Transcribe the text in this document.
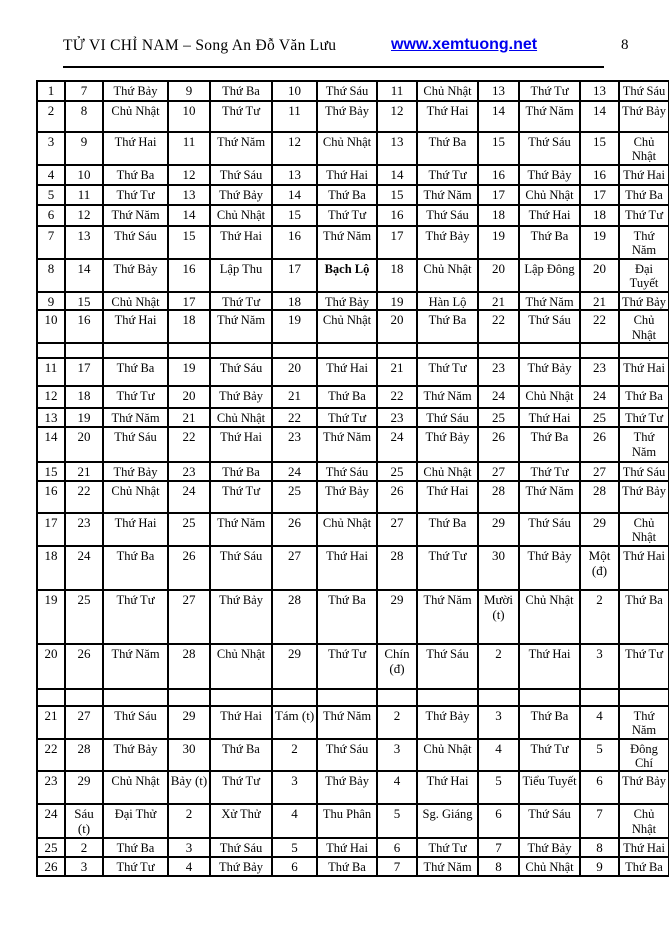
TỬ VI CHỈ NAM – Song An Đỗ Văn Lưu	www.xemtuong.net	8
1	7	Thứ Bảy	9	Thứ Ba	10	Thứ Sáu	11	Chủ Nhật	13	Thứ Tư	13	Thứ Sáu
2	8	Chủ Nhật	10	Thứ Tư	11	Thứ Bảy	12	Thứ Hai	14	Thứ Năm	14	Thứ Bảy
3	9	Thứ Hai	11	Thứ Năm	12	Chủ Nhật	13	Thứ Ba	15	Thứ Sáu	15	Chủ Nhật
4	10	Thứ Ba	12	Thứ Sáu	13	Thứ Hai	14	Thứ Tư	16	Thứ Bảy	16	Thứ Hai
5	11	Thứ Tư	13	Thứ Bảy	14	Thứ Ba	15	Thứ Năm	17	Chủ Nhật	17	Thứ Ba
6	12	Thứ Năm	14	Chủ Nhật	15	Thứ Tư	16	Thứ Sáu	18	Thứ Hai	18	Thứ Tư
7	13	Thứ Sáu	15	Thứ Hai	16	Thứ Năm	17	Thứ Bảy	19	Thứ Ba	19	Thứ Năm
8	14	Thứ Bảy	16	Lập Thu	17	Bạch Lộ	18	Chủ Nhật	20	Lập Đông	20	Đại Tuyết
9	15	Chủ Nhật	17	Thứ Tư	18	Thứ Bảy	19	Hàn Lộ	21	Thứ Năm	21	Thứ Bảy
10	16	Thứ Hai	18	Thứ Năm	19	Chủ Nhật	20	Thứ Ba	22	Thứ Sáu	22	Chủ Nhật

11	17	Thứ Ba	19	Thứ Sáu	20	Thứ Hai	21	Thứ Tư	23	Thứ Bảy	23	Thứ Hai
12	18	Thứ Tư	20	Thứ Bảy	21	Thứ Ba	22	Thứ Năm	24	Chủ Nhật	24	Thứ Ba
13	19	Thứ Năm	21	Chủ Nhật	22	Thứ Tư	23	Thứ Sáu	25	Thứ Hai	25	Thứ Tư
14	20	Thứ Sáu	22	Thứ Hai	23	Thứ Năm	24	Thứ Bảy	26	Thứ Ba	26	Thứ Năm
15	21	Thứ Bảy	23	Thứ Ba	24	Thứ Sáu	25	Chủ Nhật	27	Thứ Tư	27	Thứ Sáu
16	22	Chủ Nhật	24	Thứ Tư	25	Thứ Bảy	26	Thứ Hai	28	Thứ Năm	28	Thứ Bảy
17	23	Thứ Hai	25	Thứ Năm	26	Chủ Nhật	27	Thứ Ba	29	Thứ Sáu	29	Chủ Nhật
18	24	Thứ Ba	26	Thứ Sáu	27	Thứ Hai	28	Thứ Tư	30	Thứ Bảy	Một (đ)	Thứ Hai
19	25	Thứ Tư	27	Thứ Bảy	28	Thứ Ba	29	Thứ Năm	Mười (t)	Chủ Nhật	2	Thứ Ba
20	26	Thứ Năm	28	Chủ Nhật	29	Thứ Tư	Chín (đ)	Thứ Sáu	2	Thứ Hai	3	Thứ Tư

21	27	Thứ Sáu	29	Thứ Hai	Tám (t)	Thứ Năm	2	Thứ Bảy	3	Thứ Ba	4	Thứ Năm
22	28	Thứ Bảy	30	Thứ Ba	2	Thứ Sáu	3	Chủ Nhật	4	Thứ Tư	5	Đông Chí
23	29	Chủ Nhật	Bảy (t)	Thứ Tư	3	Thứ Bảy	4	Thứ Hai	5	Tiểu Tuyết	6	Thứ Bảy
24	Sáu (t)	Đại Thử	2	Xử Thử	4	Thu Phân	5	Sg. Giáng	6	Thứ Sáu	7	Chủ Nhật
25	2	Thứ Ba	3	Thứ Sáu	5	Thứ Hai	6	Thứ Tư	7	Thứ Bảy	8	Thứ Hai
26	3	Thứ Tư	4	Thứ Bảy	6	Thứ Ba	7	Thứ Năm	8	Chủ Nhật	9	Thứ Ba
